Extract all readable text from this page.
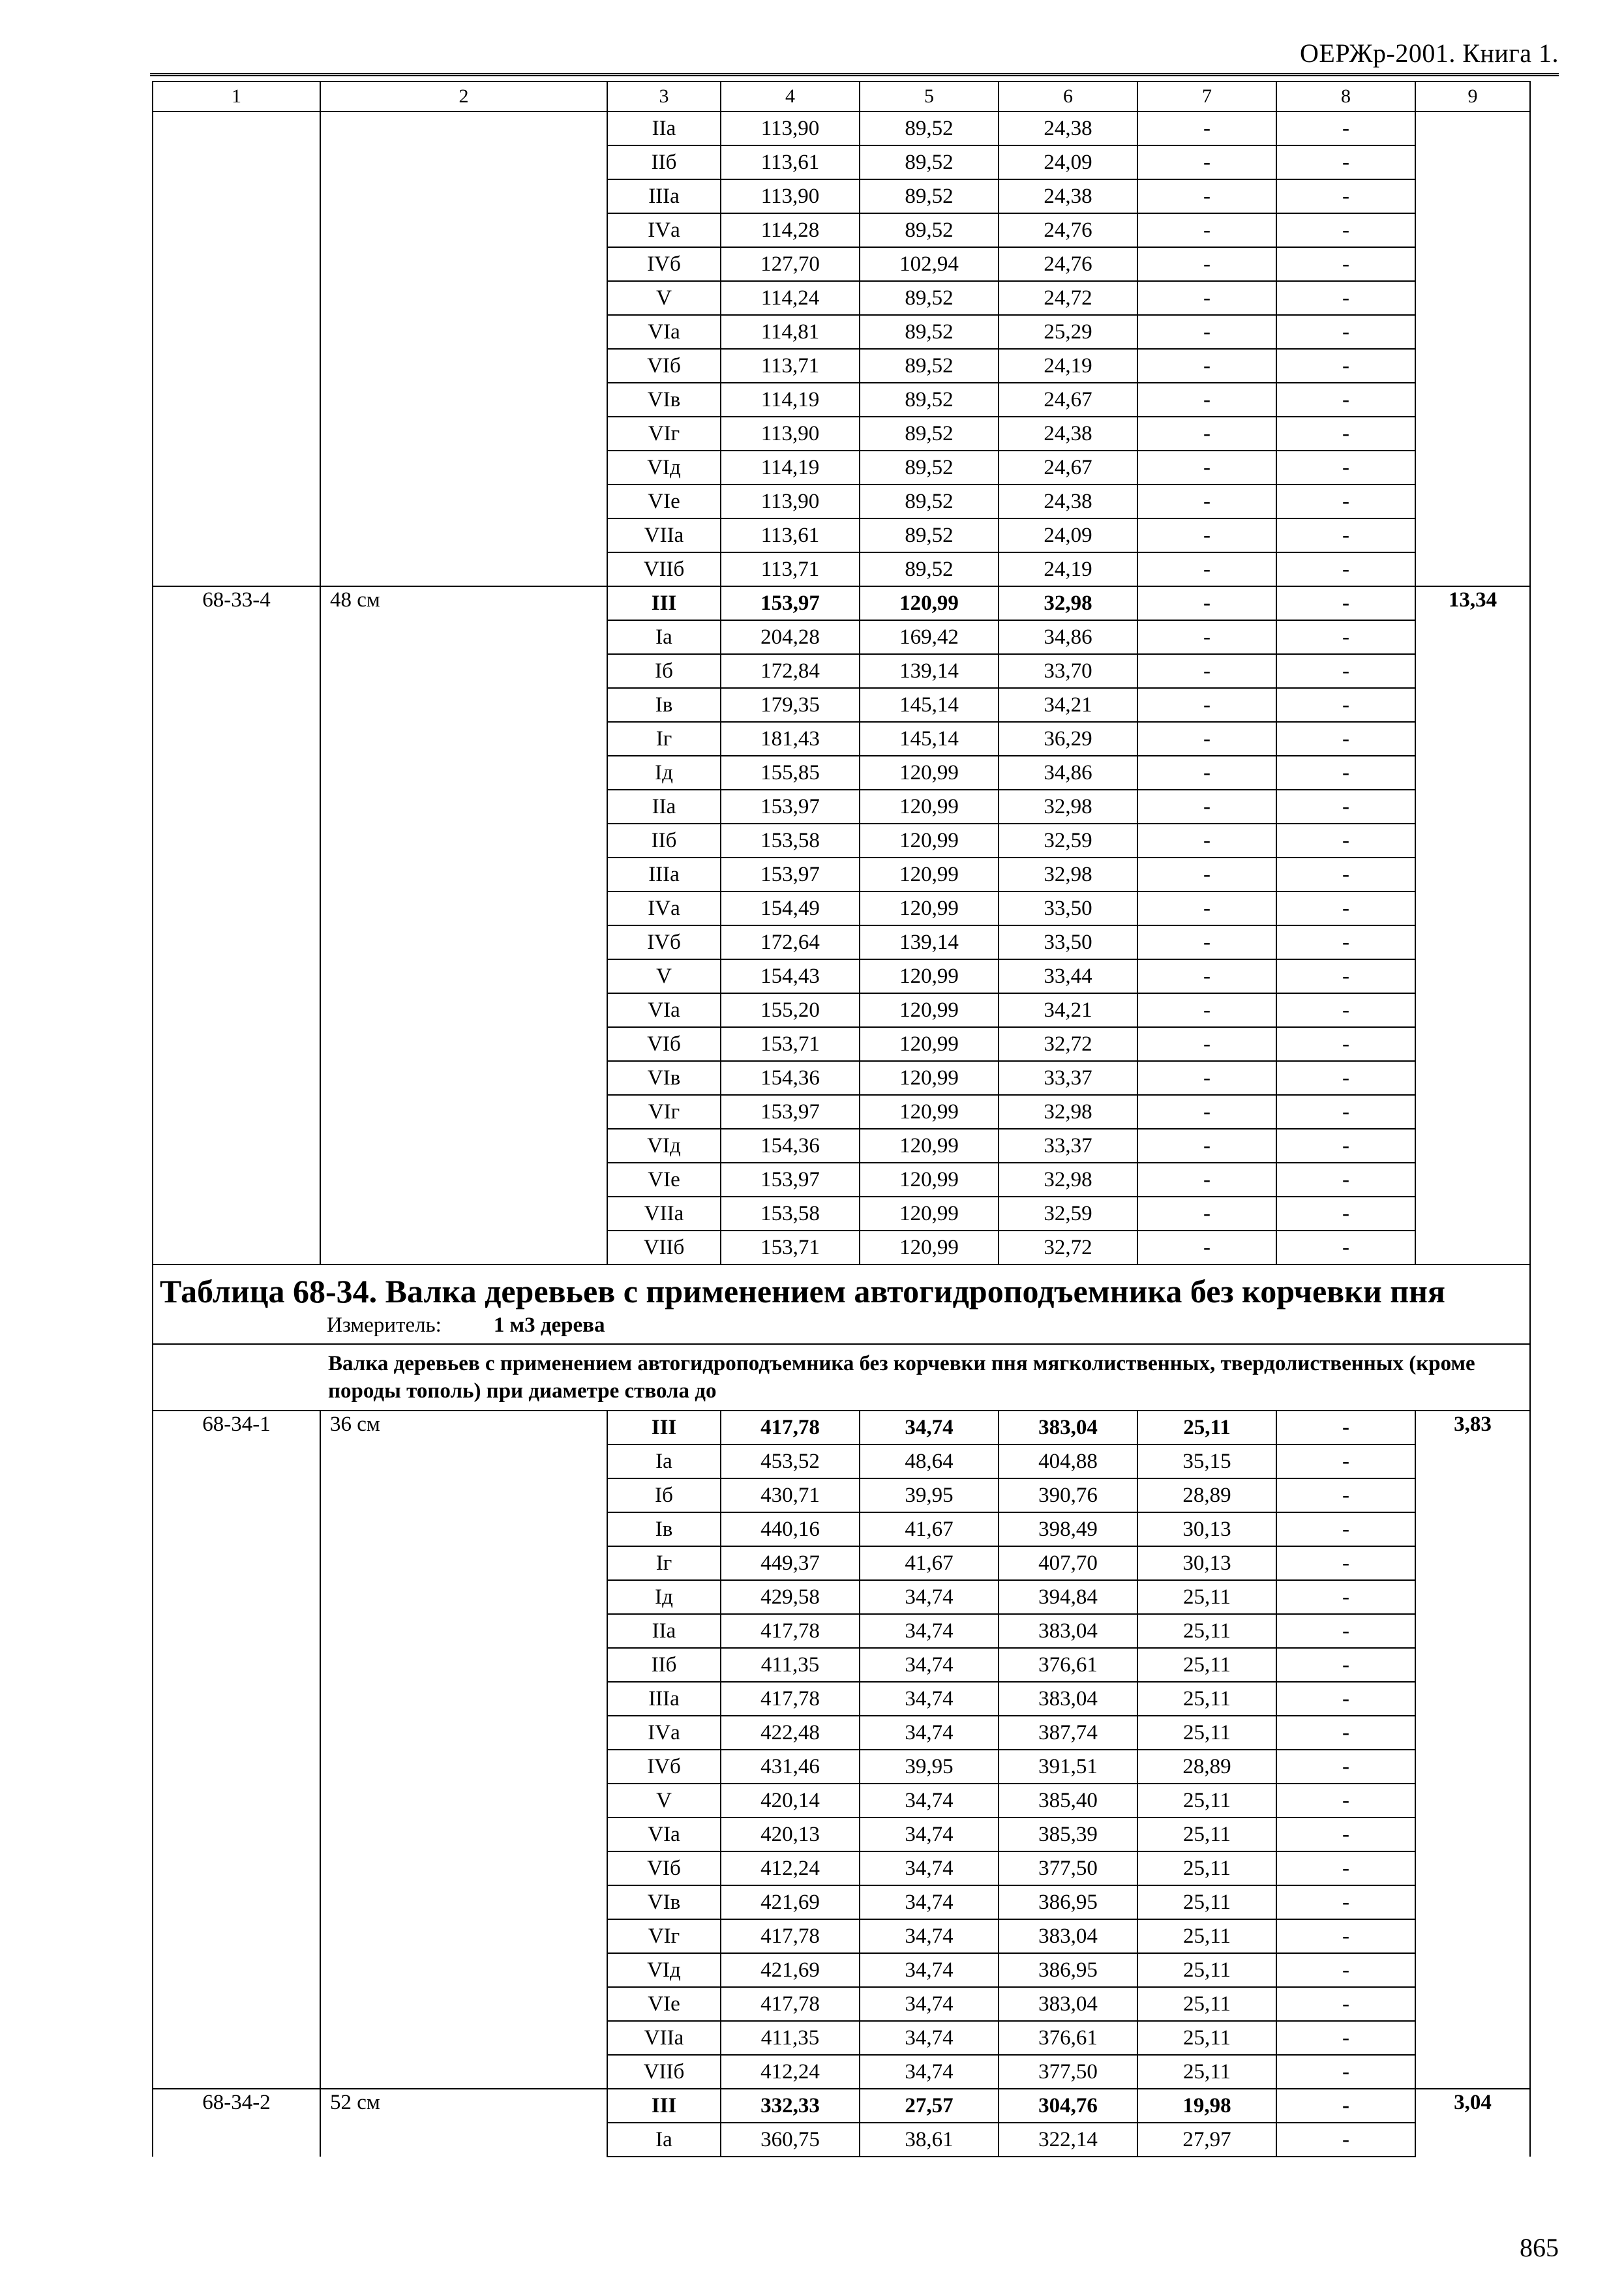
ОЕРЖр-2001. Книга 1.
1	2	3	4	5	6	7	8	9
		IIа	113,90	89,52	24,38	-	-	
		IIб	113,61	89,52	24,09	-	-	
		IIIа	113,90	89,52	24,38	-	-	
		IVа	114,28	89,52	24,76	-	-	
		IVб	127,70	102,94	24,76	-	-	
		V	114,24	89,52	24,72	-	-	
		VIа	114,81	89,52	25,29	-	-	
		VIб	113,71	89,52	24,19	-	-	
		VIв	114,19	89,52	24,67	-	-	
		VIг	113,90	89,52	24,38	-	-	
		VIд	114,19	89,52	24,67	-	-	
		VIе	113,90	89,52	24,38	-	-	
		VIIа	113,61	89,52	24,09	-	-	
		VIIб	113,71	89,52	24,19	-	-	
68-33-4	48 см	III	153,97	120,99	32,98	-	-	13,34
		Iа	204,28	169,42	34,86	-	-	
		Iб	172,84	139,14	33,70	-	-	
		Iв	179,35	145,14	34,21	-	-	
		Iг	181,43	145,14	36,29	-	-	
		Iд	155,85	120,99	34,86	-	-	
		IIа	153,97	120,99	32,98	-	-	
		IIб	153,58	120,99	32,59	-	-	
		IIIа	153,97	120,99	32,98	-	-	
		IVа	154,49	120,99	33,50	-	-	
		IVб	172,64	139,14	33,50	-	-	
		V	154,43	120,99	33,44	-	-	
		VIа	155,20	120,99	34,21	-	-	
		VIб	153,71	120,99	32,72	-	-	
		VIв	154,36	120,99	33,37	-	-	
		VIг	153,97	120,99	32,98	-	-	
		VIд	154,36	120,99	33,37	-	-	
		VIе	153,97	120,99	32,98	-	-	
		VIIа	153,58	120,99	32,59	-	-	
		VIIб	153,71	120,99	32,72	-	-	

Таблица 68-34. Валка деревьев с применением автогидроподъемника без корчевки пня
Измеритель: 1 м3 дерева								

Валка деревьев с применением автогидроподъемника без корчевки пня мягколиственных, твердолиственных (кроме породы тополь) при диаметре ствола до								
68-34-1	36 см	III	417,78	34,74	383,04	25,11	-	3,83
		Iа	453,52	48,64	404,88	35,15	-	
		Iб	430,71	39,95	390,76	28,89	-	
		Iв	440,16	41,67	398,49	30,13	-	
		Iг	449,37	41,67	407,70	30,13	-	
		Iд	429,58	34,74	394,84	25,11	-	
		IIа	417,78	34,74	383,04	25,11	-	
		IIб	411,35	34,74	376,61	25,11	-	
		IIIа	417,78	34,74	383,04	25,11	-	
		IVа	422,48	34,74	387,74	25,11	-	
		IVб	431,46	39,95	391,51	28,89	-	
		V	420,14	34,74	385,40	25,11	-	
		VIа	420,13	34,74	385,39	25,11	-	
		VIб	412,24	34,74	377,50	25,11	-	
		VIв	421,69	34,74	386,95	25,11	-	
		VIг	417,78	34,74	383,04	25,11	-	
		VIд	421,69	34,74	386,95	25,11	-	
		VIе	417,78	34,74	383,04	25,11	-	
		VIIа	411,35	34,74	376,61	25,11	-	
		VIIб	412,24	34,74	377,50	25,11	-	
68-34-2	52 см	III	332,33	27,57	304,76	19,98	-	3,04
		Iа	360,75	38,61	322,14	27,97	-	
865
